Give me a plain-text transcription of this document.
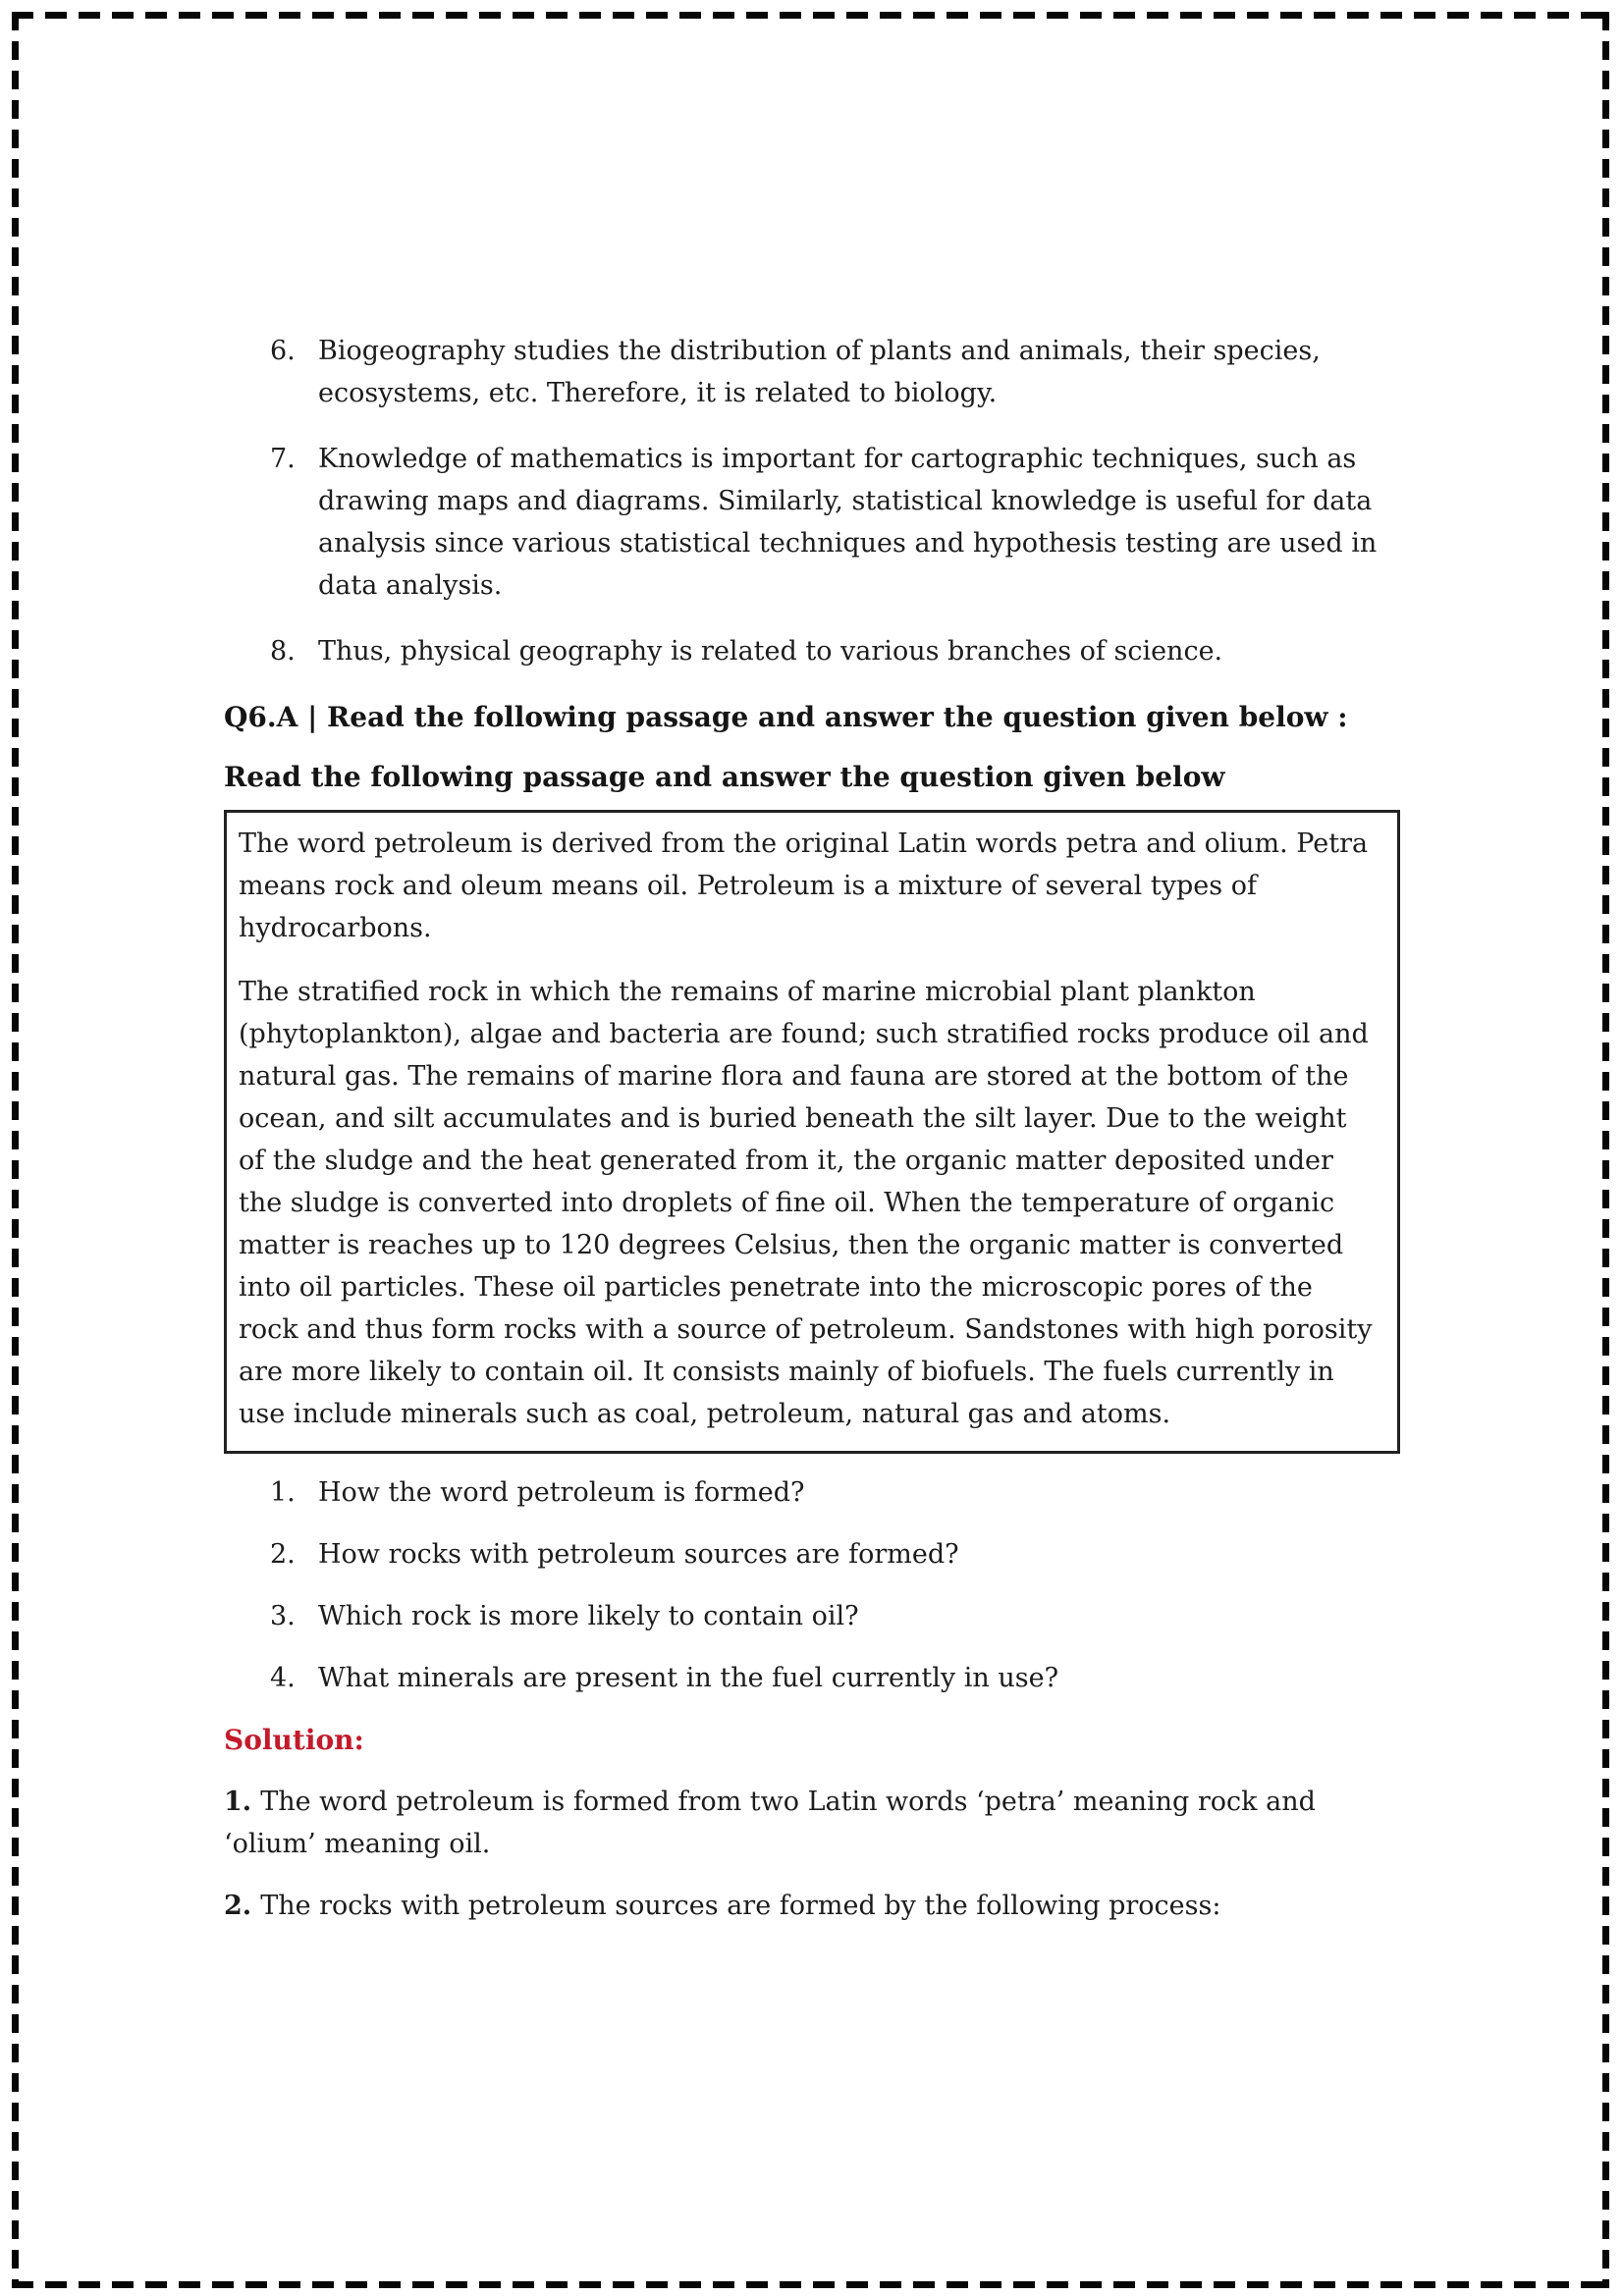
6. Biogeography studies the distribution of plants and animals, their species, ecosystems, etc. Therefore, it is related to biology.
7. Knowledge of mathematics is important for cartographic techniques, such as drawing maps and diagrams. Similarly, statistical knowledge is useful for data analysis since various statistical techniques and hypothesis testing are used in data analysis.
8. Thus, physical geography is related to various branches of science.
Q6.A | Read the following passage and answer the question given below :
Read the following passage and answer the question given below

The word petroleum is derived from the original Latin words petra and olium. Petra means rock and oleum means oil. Petroleum is a mixture of several types of hydrocarbons.

The stratified rock in which the remains of marine microbial plant plankton (phytoplankton), algae and bacteria are found; such stratified rocks produce oil and natural gas. The remains of marine flora and fauna are stored at the bottom of the ocean, and silt accumulates and is buried beneath the silt layer. Due to the weight of the sludge and the heat generated from it, the organic matter deposited under the sludge is converted into droplets of fine oil. When the temperature of organic matter is reaches up to 120 degrees Celsius, then the organic matter is converted into oil particles. These oil particles penetrate into the microscopic pores of the rock and thus form rocks with a source of petroleum. Sandstones with high porosity are more likely to contain oil. It consists mainly of biofuels. The fuels currently in use include minerals such as coal, petroleum, natural gas and atoms.

1. How the word petroleum is formed?
2. How rocks with petroleum sources are formed?
3. Which rock is more likely to contain oil?
4. What minerals are present in the fuel currently in use?
Solution:

1. The word petroleum is formed from two Latin words ‘petra’ meaning rock and ‘olium’ meaning oil.

2. The rocks with petroleum sources are formed by the following process:
